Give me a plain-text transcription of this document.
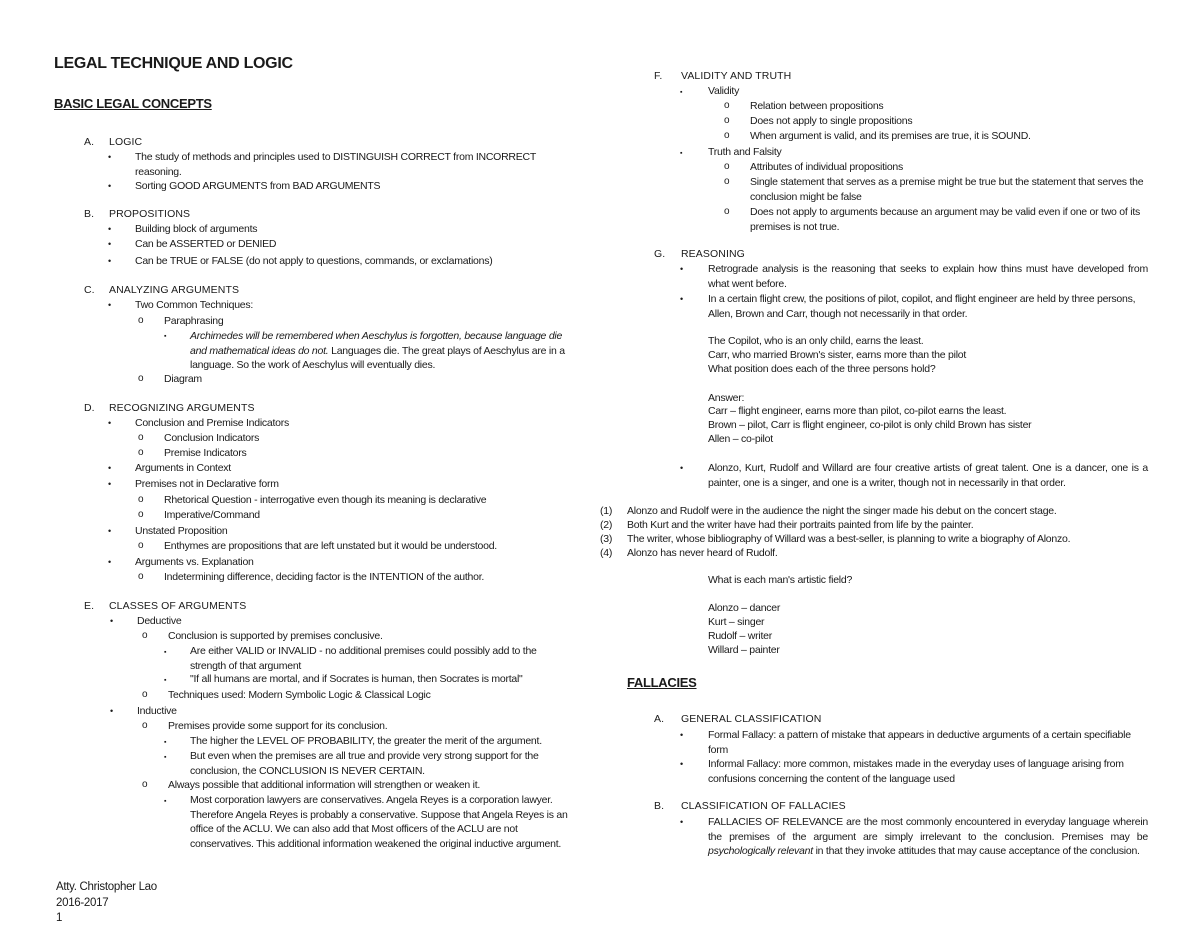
LEGAL TECHNIQUE AND LOGIC
BASIC LEGAL CONCEPTS
A. LOGIC
• The study of methods and principles used to DISTINGUISH CORRECT from INCORRECT reasoning.
• Sorting GOOD ARGUMENTS from BAD ARGUMENTS
B. PROPOSITIONS
• Building block of arguments
• Can be ASSERTED or DENIED
• Can be TRUE or FALSE (do not apply to questions, commands, or exclamations)
C. ANALYZING ARGUMENTS
• Two Common Techniques:
o Paraphrasing
▪ Archimedes will be remembered when Aeschylus is forgotten, because language die and mathematical ideas do not. Languages die. The great plays of Aeschylus are in a language. So the work of Aeschylus will eventually dies.
o Diagram
D. RECOGNIZING ARGUMENTS
• Conclusion and Premise Indicators
o Conclusion Indicators
o Premise Indicators
• Arguments in Context
• Premises not in Declarative form
o Rhetorical Question - interrogative even though its meaning is declarative
o Imperative/Command
• Unstated Proposition
o Enthymes are propositions that are left unstated but it would be understood.
• Arguments vs. Explanation
o Indetermining difference, deciding factor is the INTENTION of the author.
E. CLASSES OF ARGUMENTS
• Deductive
o Conclusion is supported by premises conclusive.
▪ Are either VALID or INVALID - no additional premises could possibly add to the strength of that argument
▪ "If all humans are mortal, and if Socrates is human, then Socrates is mortal"
o Techniques used: Modern Symbolic Logic & Classical Logic
• Inductive
o Premises provide some support for its conclusion.
▪ The higher the LEVEL OF PROBABILITY, the greater the merit of the argument.
▪ But even when the premises are all true and provide very strong support for the conclusion, the CONCLUSION IS NEVER CERTAIN.
o Always possible that additional information will strengthen or weaken it.
▪ Most corporation lawyers are conservatives. Angela Reyes is a corporation lawyer. Therefore Angela Reyes is probably a conservative. Suppose that Angela Reyes is an office of the ACLU. We can also add that Most officers of the ACLU are not conservatives. This additional information weakened the original inductive argument.
F. VALIDITY AND TRUTH
▪ Validity
o Relation between propositions
o Does not apply to single propositions
o When argument is valid, and its premises are true, it is SOUND.
▪ Truth and Falsity
o Attributes of individual propositions
o Single statement that serves as a premise might be true but the statement that serves the conclusion might be false
o Does not apply to arguments because an argument may be valid even if one or two of its premises is not true.
G. REASONING
• Retrograde analysis is the reasoning that seeks to explain how thins must have developed from what went before.
• In a certain flight crew, the positions of pilot, copilot, and flight engineer are held by three persons, Allen, Brown and Carr, though not necessarily in that order.
The Copilot, who is an only child, earns the least.
Carr, who married Brown's sister, earns more than the pilot
What position does each of the three persons hold?
Answer:
Carr – flight engineer, earns more than pilot, co-pilot earns the least.
Brown – pilot, Carr is flight engineer, co-pilot is only child Brown has sister
Allen – co-pilot
• Alonzo, Kurt, Rudolf and Willard are four creative artists of great talent. One is a dancer, one is a painter, one is a singer, and one is a writer, though not in necessarily in that order.
(1) Alonzo and Rudolf were in the audience the night the singer made his debut on the concert stage.
(2) Both Kurt and the writer have had their portraits painted from life by the painter.
(3) The writer, whose bibliography of Willard was a best-seller, is planning to write a biography of Alonzo.
(4) Alonzo has never heard of Rudolf.
What is each man's artistic field?
Alonzo – dancer
Kurt – singer
Rudolf – writer
Willard – painter
FALLACIES
A. GENERAL CLASSIFICATION
• Formal Fallacy: a pattern of mistake that appears in deductive arguments of a certain specifiable form
• Informal Fallacy: more common, mistakes made in the everyday uses of language arising from confusions concerning the content of the language used
B. CLASSIFICATION OF FALLACIES
• FALLACIES OF RELEVANCE are the most commonly encountered in everyday language wherein the premises of the argument are simply irrelevant to the conclusion. Premises may be psychologically relevant in that they invoke attitudes that may cause acceptance of the conclusion.
Atty. Christopher Lao
2016-2017
1
